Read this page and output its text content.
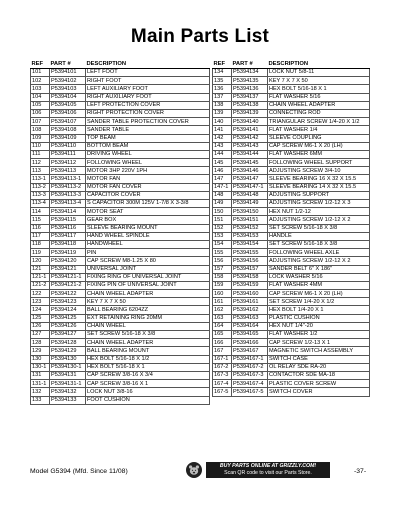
Main Parts List
REF	PART #	DESCRIPTION
101	P5394101	LEFT FOOT
102	P5394102	RIGHT FOOT
103	P5394103	LEFT AUXILIARY FOOT
104	P5394104	RIGHT AUXILIARY FOOT
105	P5394105	LEFT PROTECTION COVER
106	P5394106	RIGHT PROTECTION COVER
107	P5394107	SANDER TABLE PROTECTION COVER
108	P5394108	SANDER TABLE
109	P5394109	TOP BEAM
110	P5394110	BOTTOM BEAM
111	P5394111	DRIVING WHEEL
112	P5394112	FOLLOWING WHEEL
113	P5394113	MOTOR 3HP 220V 1PH
113-1	P5394113-1	MOTOR FAN
113-2	P5394113-2	MOTOR FAN COVER
113-3	P5394113-3	CAPACITOR COVER
113-4	P5394113-4	S CAPACITOR 300M 125V 1-7/8 X 3-3/8
114	P5394114	MOTOR SEAT
115	P5394115	GEAR BOX
116	P5394116	SLEEVE BEARING MOUNT
117	P5394117	HAND WHEEL SPINDLE
118	P5394118	HANDWHEEL
119	P5394119	PIN
120	P5394120	CAP SCREW M8-1.25 X 80
121	P5394121	UNIVERSAL JOINT
121-1	P5394121-1	FIXING RING OF UNIVERSAL JOINT
121-2	P5394121-2	FIXING PIN OF UNIVERSAL JOINT
122	P5394122	CHAIN WHEEL ADAPTER
123	P5394123	KEY 7 X 7 X 50
124	P5394124	BALL BEARING 6204ZZ
125	P5394125	EXT RETAINING RING 20MM
126	P5394126	CHAIN WHEEL
127	P5394127	SET SCREW 5/16-18 X 3/8
128	P5394128	CHAIN WHEEL ADAPTER
129	P5394129	BALL BEARING MOUNT
130	P5394130	HEX BOLT 5/16-18 X 1/2
130-1	P5394130-1	HEX BOLT 5/16-18 X 1
131	P5394131	CAP SCREW 3/8-16 X 3/4
131-1	P5394131-1	CAP SCREW 3/8-16 X 1
132	P5394132	LOCK NUT 3/8-16
133	P5394133	FOOT CUSHION
REF	PART #	DESCRIPTION
134	P5394134	LOCK NUT 5/8-11
135	P5394135	KEY 7 X 7 X 50
136	P5394136	HEX BOLT 5/16-18 X 1
137	P5394137	FLAT WASHER 5/16
138	P5394138	CHAIN WHEEL ADAPTER
139	P5394139	CONNECTING ROD
140	P5394140	TRIANGULAR SCREW 1/4-20 X 1/2
141	P5394141	FLAT WASHER 1/4
142	P5394142	SLEEVE COUPLING
143	P5394143	CAP SCREW M6-1 X 20 (LH)
144	P5394144	FLAT WASHER 6MM
145	P5394145	FOLLOWING WHEEL SUPPORT
146	P5394146	ADJUSTING SCREW 3/4-10
147	P5394147	SLEEVE BEARING 16 X 32 X 15.5
147-1	P5394147-1	SLEEVE BEARING 14 X 32 X 15.5
148	P5394148	ADJUSTING SUPPORT
149	P5394149	ADJUSTING SCREW 1/2-12 X 3
150	P5394150	HEX NUT 1/2-12
151	P5394151	ADJUSTING SCREW 1/2-12 X 2
152	P5394152	SET SCREW 5/16-18 X 3/8
153	P5394153	HANDLE
154	P5394154	SET SCREW 5/16-18 X 3/8
155	P5394155	FOLLOWING WHEEL AXLE
156	P5394156	ADJUSTING SCREW 1/2-12 X 2
157	P5394157	SANDER BELT 6" X 186"
158	P5394158	LOCK WASHER 5/16
159	P5394159	FLAT WASHER 4MM
160	P5394160	CAP SCREW M6-1 X 20 (LH)
161	P5394161	SET SCREW 1/4-20 X 1/2
162	P5394162	HEX BOLT 1/4-20 X 1
163	P5394163	PLASTIC CUSHION
164	P5394164	HEX NUT 1/4"-20
165	P5394165	FLAT WASHER 1/2
166	P5394166	CAP SCREW 1/2-13 X 1
167	P5394167	MAGNETIC SWITCH ASSEMBLY
167-1	P5394167-1	SWITCH CASE
167-2	P5394167-2	OL RELAY SDE RA-20
167-3	P5394167-3	CONTACTOR SDE MA-18
167-4	P5394167-4	PLASTIC COVER SCREW
167-5	P5394167-5	SWITCH COVER
Model G5394 (Mfd. Since 11/08)
BUY PARTS ONLINE AT GRIZZLY.COM!
Scan QR code to visit our Parts Store.	-37-
